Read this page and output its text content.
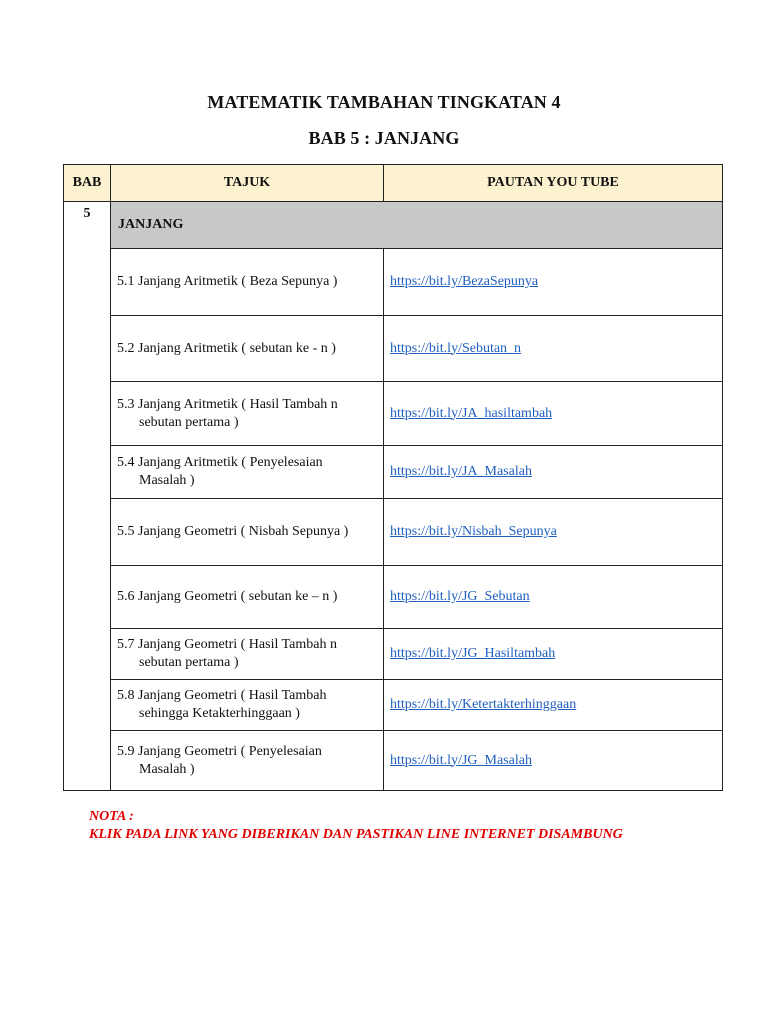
MATEMATIK TAMBAHAN TINGKATAN 4
BAB 5 : JANJANG
BAB	TAJUK	PAUTAN YOU TUBE
5	JANJANG	
	5.1 Janjang Aritmetik ( Beza Sepunya )	https://bit.ly/BezaSepunya
	5.2 Janjang Aritmetik ( sebutan ke - n )	https://bit.ly/Sebutan_n
	5.3 Janjang Aritmetik ( Hasil Tambah n
sebutan pertama )	https://bit.ly/JA_hasiltambah
	5.4 Janjang Aritmetik ( Penyelesaian
Masalah )	https://bit.ly/JA_Masalah
	5.5 Janjang Geometri ( Nisbah Sepunya )	https://bit.ly/Nisbah_Sepunya
	5.6 Janjang Geometri ( sebutan ke – n )	https://bit.ly/JG_Sebutan
	5.7 Janjang Geometri ( Hasil Tambah n
sebutan pertama )	https://bit.ly/JG_Hasiltambah
	5.8 Janjang Geometri ( Hasil Tambah
sehingga Ketakterhinggaan )	https://bit.ly/Ketertakterhinggaan
	5.9 Janjang Geometri ( Penyelesaian
Masalah )	https://bit.ly/JG_Masalah
NOTA :
KLIK PADA LINK YANG DIBERIKAN DAN PASTIKAN LINE INTERNET DISAMBUNG
